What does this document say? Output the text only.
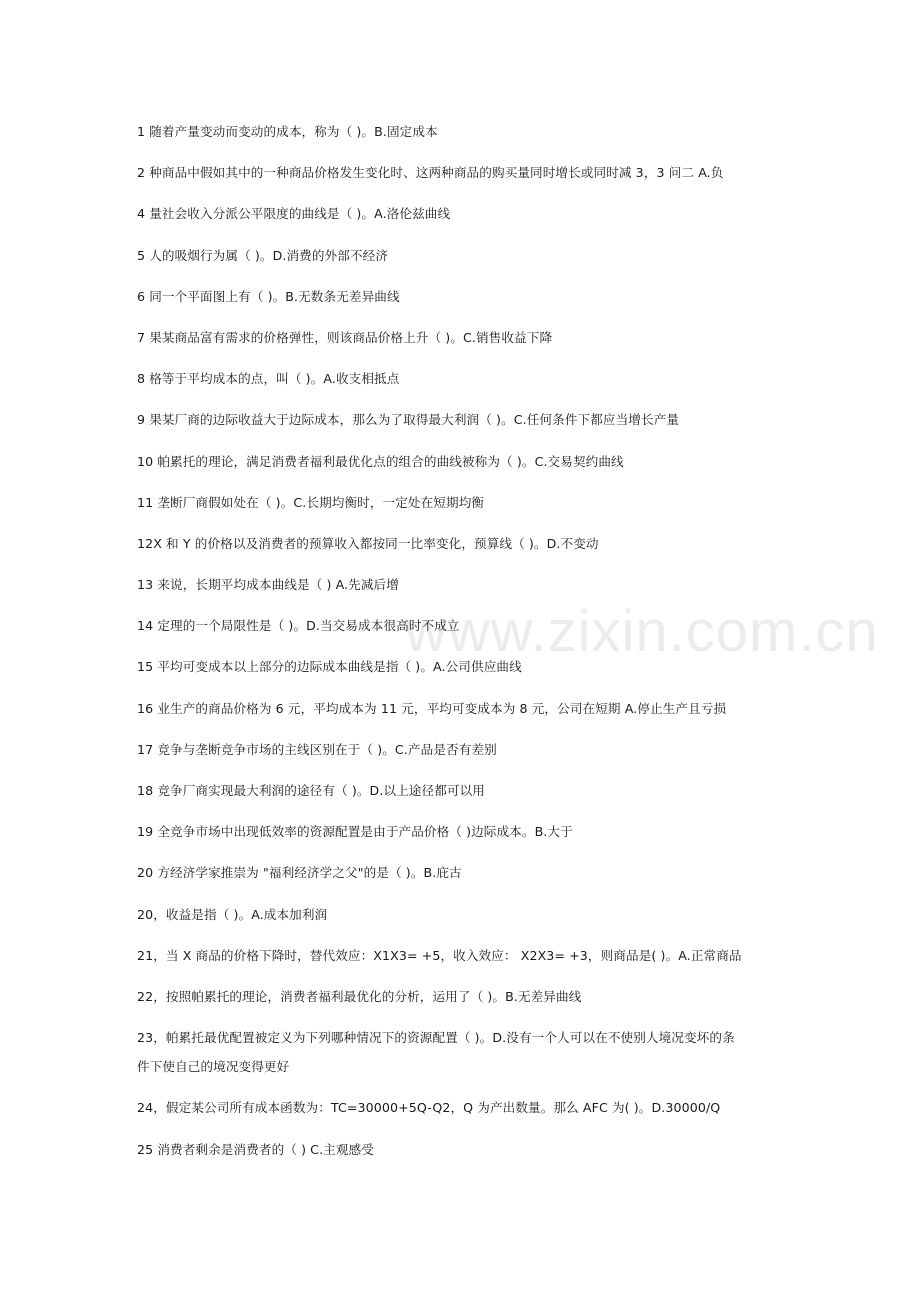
www.zixin.com.cn
1 随着产量变动而变动的成本，称为（ )。B.固定成本
2 种商品中假如其中的一种商品价格发生变化时、这两种商品的购买量同时增长或同时减 3，3 问二 A.负
4 量社会收入分派公平限度的曲线是（ )。A.洛伦兹曲线
5 人的吸烟行为属（ )。D.消费的外部不经济
6 同一个平面图上有（ )。B.无数条无差异曲线
7 果某商品富有需求的价格弹性，则该商品价格上升（ )。C.销售收益下降
8 格等于平均成本的点，叫（ )。A.收支相抵点
9 果某厂商的边际收益大于边际成本，那么为了取得最大利润（ )。C.任何条件下都应当增长产量
10 帕累托的理论，满足消费者福利最优化点的组合的曲线被称为（ )。C.交易契约曲线
11 垄断厂商假如处在（ )。C.长期均衡时，一定处在短期均衡
12X 和 Y 的价格以及消费者的预算收入都按同一比率变化，预算线（ )。D.不变动
13 来说，长期平均成本曲线是（ ) A.先减后增
14 定理的一个局限性是（ )。D.当交易成本很高时不成立
15 平均可变成本以上部分的边际成本曲线是指（ )。A.公司供应曲线
16 业生产的商品价格为 6 元，平均成本为 11 元，平均可变成本为 8 元，公司在短期 A.停止生产且亏损
17 竞争与垄断竞争市场的主线区别在于（ )。C.产品是否有差别
18 竞争厂商实现最大利润的途径有（ )。D.以上途径都可以用
19 全竞争市场中出现低效率的资源配置是由于产品价格（ )边际成本。B.大于
20 方经济学家推崇为 "福利经济学之父"的是（ )。B.庇古
20，收益是指（ )。A.成本加利润
21，当 X 商品的价格下降时，替代效应：X1X3= +5，收入效应： X2X3= +3，则商品是( )。A.正常商品
22，按照帕累托的理论，消费者福利最优化的分析，运用了（ )。B.无差异曲线
23，帕累托最优配置被定义为下列哪种情况下的资源配置（ )。D.没有一个人可以在不使别人境况变坏的条
件下使自己的境况变得更好
24，假定某公司所有成本函数为：TC=30000+5Q-Q2，Q 为产出数量。那么 AFC 为( )。D.30000/Q
25 消费者剩余是消费者的（ ) C.主观感受
